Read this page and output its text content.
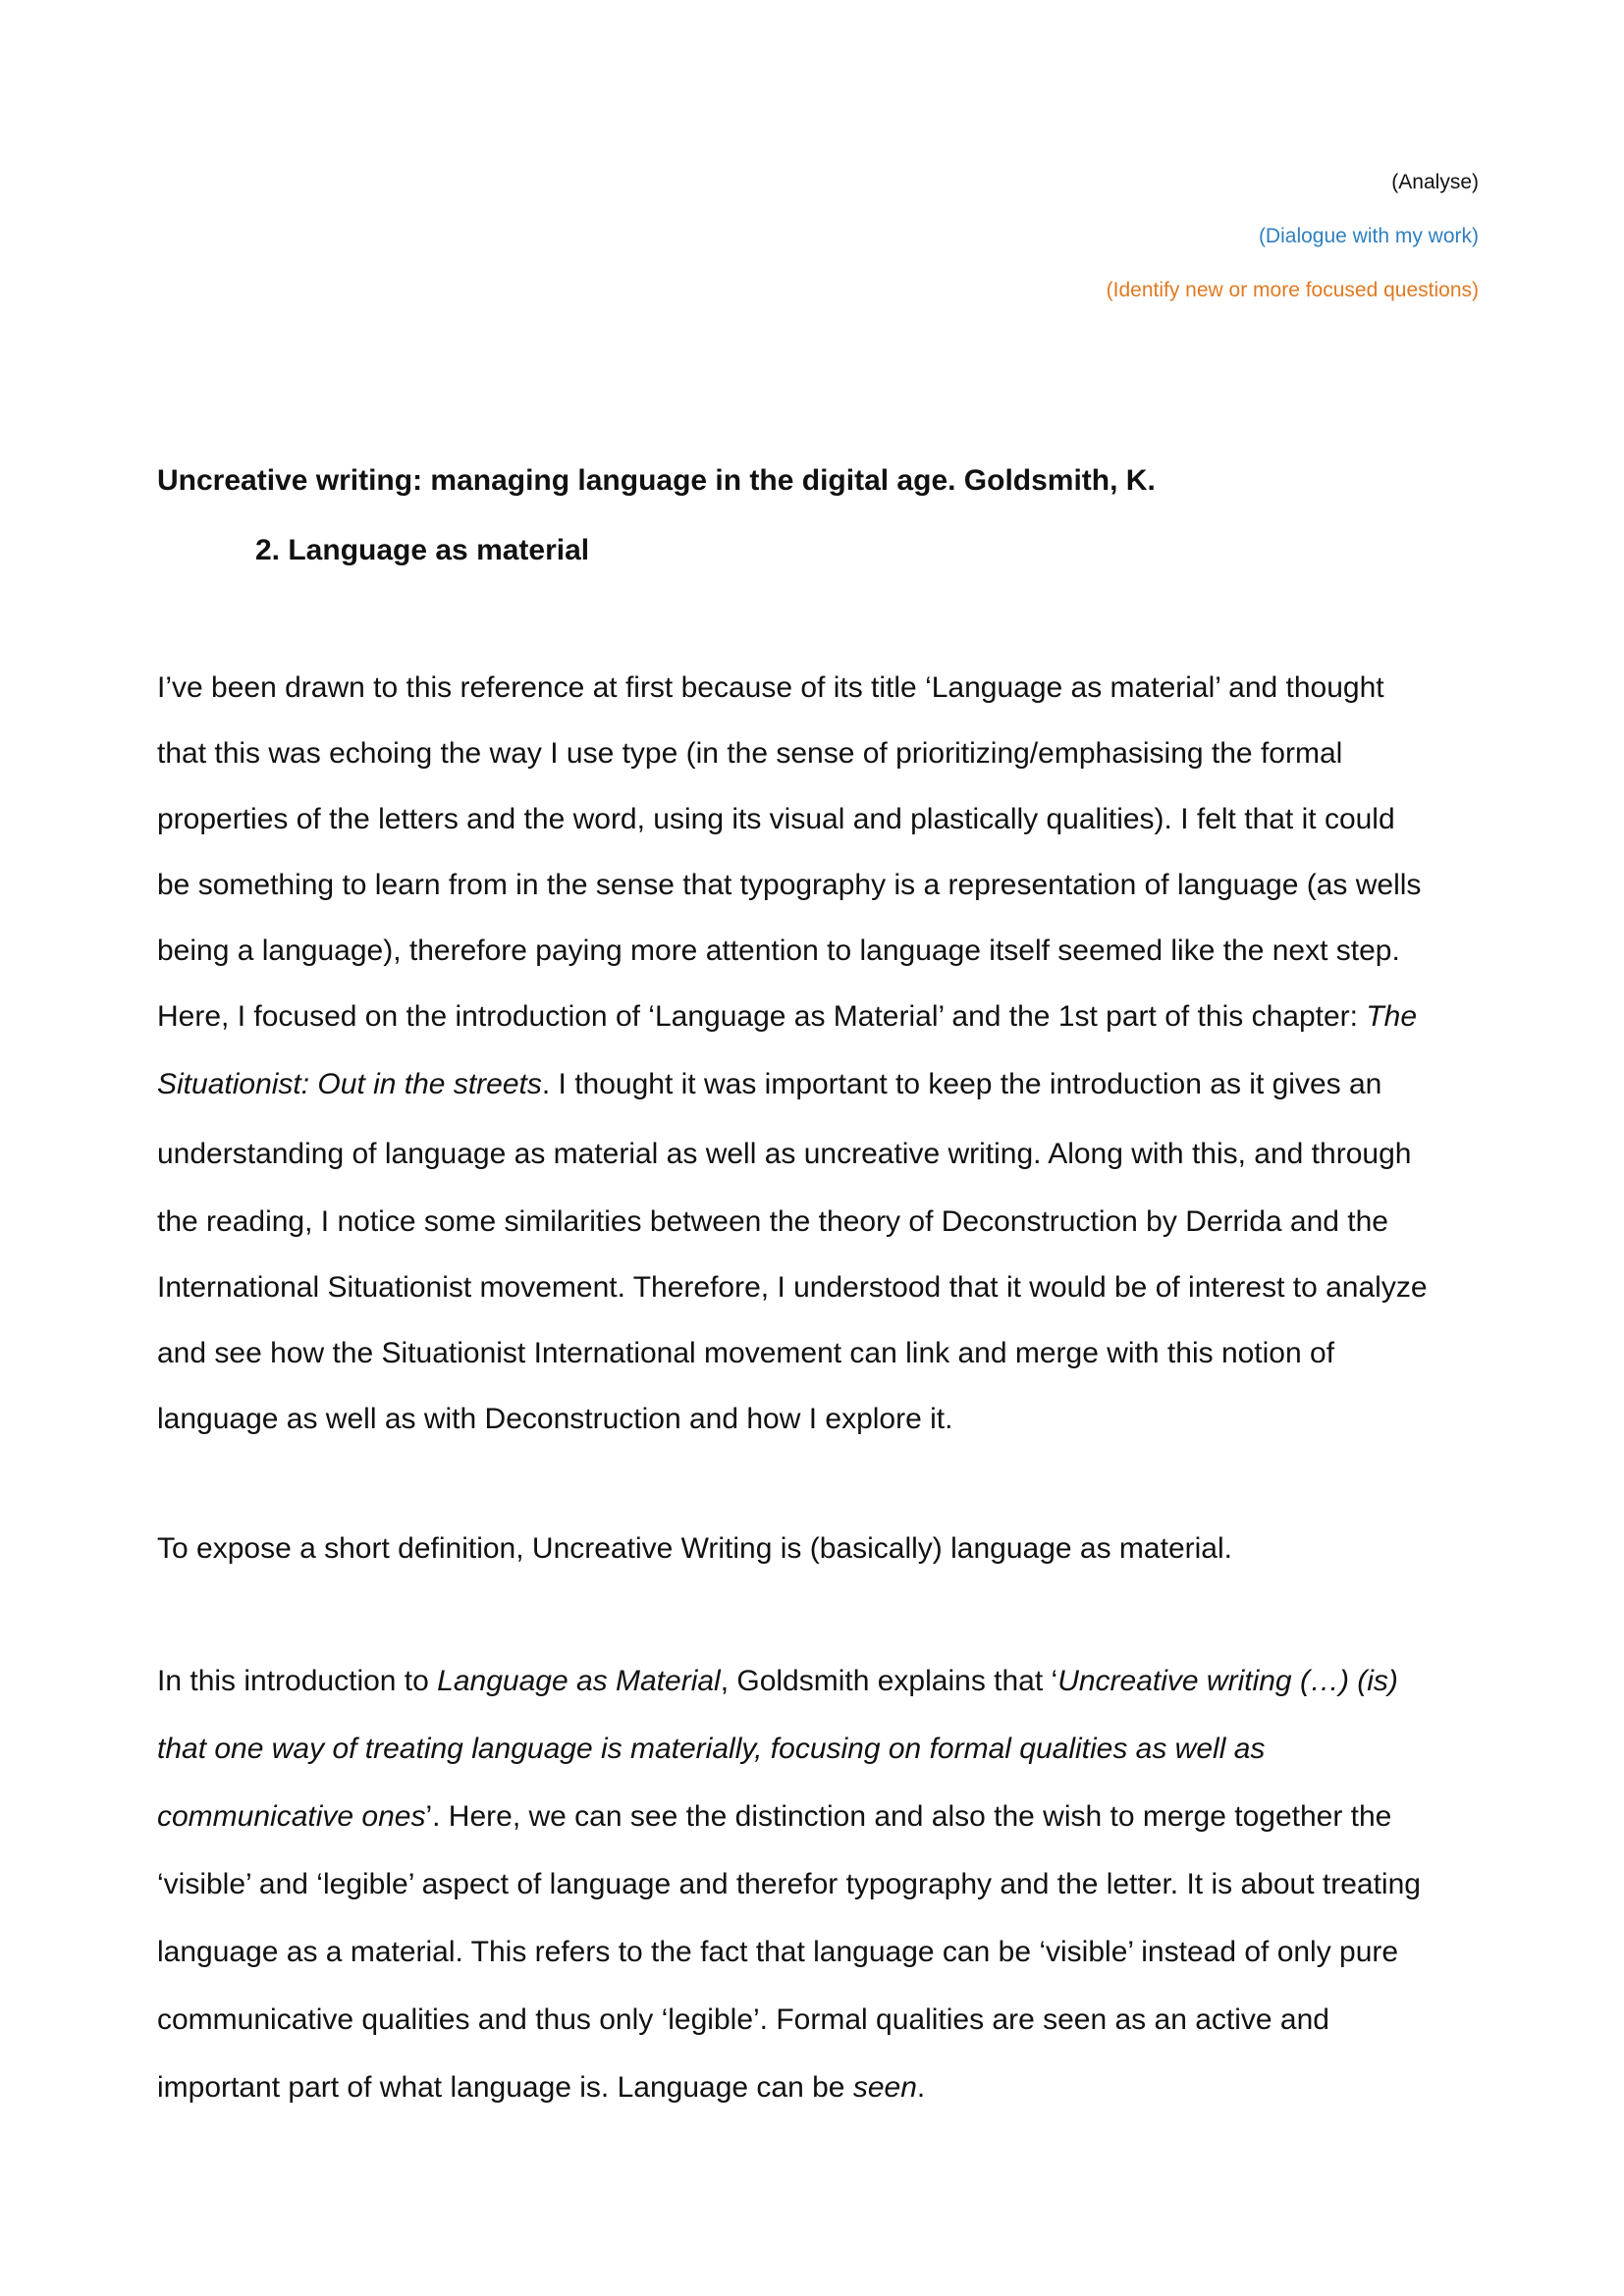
(Analyse)
(Dialogue with my work)
(Identify new or more focused questions)

Uncreative writing: managing language in the digital age. Goldsmith, K.

2. Language as material

I’ve been drawn to this reference at first because of its title ‘Language as material’ and thought
that this was echoing the way I use type (in the sense of prioritizing/emphasising the formal
properties of the letters and the word, using its visual and plastically qualities). I felt that it could
be something to learn from in the sense that typography is a representation of language (as wells
being a language), therefore paying more attention to language itself seemed like the next step.
Here, I focused on the introduction of ‘Language as Material’ and the 1st part of this chapter: The
Situationist: Out in the streets. I thought it was important to keep the introduction as it gives an
understanding of language as material as well as uncreative writing. Along with this, and through
the reading, I notice some similarities between the theory of Deconstruction by Derrida and the
International Situationist movement. Therefore, I understood that it would be of interest to analyze
and see how the Situationist International movement can link and merge with this notion of
language as well as with Deconstruction and how I explore it.

To expose a short definition, Uncreative Writing is (basically) language as material.

In this introduction to Language as Material, Goldsmith explains that ‘Uncreative writing (…) (is)
that one way of treating language is materially, focusing on formal qualities as well as
communicative ones’. Here, we can see the distinction and also the wish to merge together the
‘visible’ and ‘legible’ aspect of language and therefor typography and the letter. It is about treating
language as a material. This refers to the fact that language can be ‘visible’ instead of only pure
communicative qualities and thus only ‘legible’. Formal qualities are seen as an active and
important part of what language is. Language can be seen.
